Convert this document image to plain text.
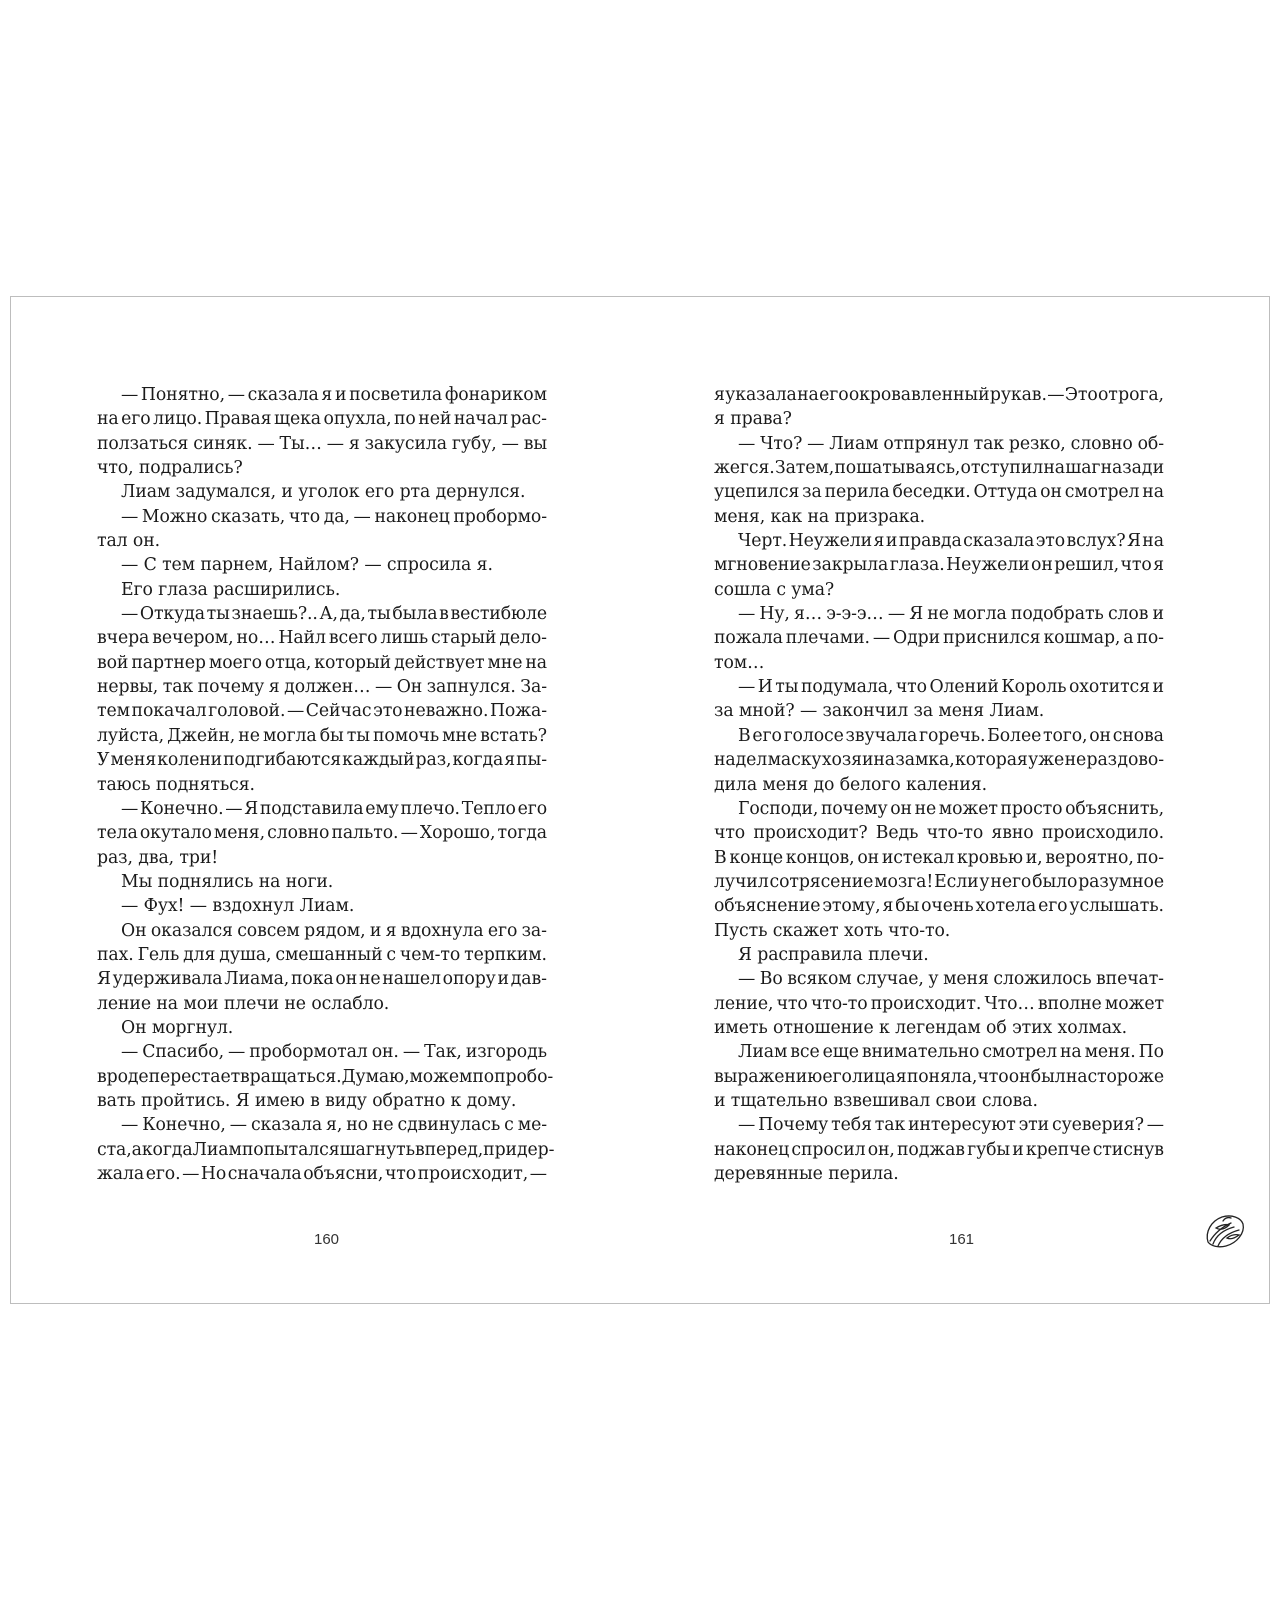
— Понятно, — сказала я и посветила фонариком
на его лицо. Правая щека опухла, по ней начал рас-
ползаться синяк. — Ты… — я закусила губу, — вы
что, подрались?
Лиам задумался, и уголок его рта дернулся.
— Можно сказать, что да, — наконец пробормо-
тал он.
— С тем парнем, Найлом? — спросила я.
Его глаза расширились.
— Откуда ты знаешь?.. А, да, ты была в вестибюле
вчера вечером, но… Найл всего лишь старый дело-
вой партнер моего отца, который действует мне на
нервы, так почему я должен… — Он запнулся. За-
тем покачал головой. — Сейчас это неважно. Пожа-
луйста, Джейн, не могла бы ты помочь мне встать?
У меня колени подгибаются каждый раз, когда я пы-
таюсь подняться.
— Конечно. — Я подставила ему плечо. Тепло его
тела окутало меня, словно пальто. — Хорошо, тогда
раз, два, три!
Мы поднялись на ноги.
— Фух! — вздохнул Лиам.
Он оказался совсем рядом, и я вдохнула его за-
пах. Гель для душа, смешанный с чем-то терпким.
Я удерживала Лиама, пока он не нашел опору и дав-
ление на мои плечи не ослабло.
Он моргнул.
— Спасибо, — пробормотал он. — Так, изгородь
вроде перестает вращаться. Думаю, можем попробо-
вать пройтись. Я имею в виду обратно к дому.
— Конечно, — сказала я, но не сдвинулась с ме-
ста, а когда Лиам попытался шагнуть вперед, придер-
жала его. — Но сначала объясни, что происходит, —
я указала на его окровавленный рукав. — Это от рога,
я права?
— Что? — Лиам отпрянул так резко, словно об-
жегся. Затем, пошатываясь, отступил на шаг назад и
уцепился за перила беседки. Оттуда он смотрел на
меня, как на призрака.
Черт. Неужели я и правда сказала это вслух? Я на
мгновение закрыла глаза. Неужели он решил, что я
сошла с ума?
— Ну, я… э-э-э… — Я не могла подобрать слов и
пожала плечами. — Одри приснился кошмар, а по-
том…
— И ты подумала, что Олений Король охотится и
за мной? — закончил за меня Лиам.
В его голосе звучала горечь. Более того, он снова
надел маску хозяина замка, которая уже не раз дово-
дила меня до белого каления.
Господи, почему он не может просто объяснить,
что происходит? Ведь что-то явно происходило.
В конце концов, он истекал кровью и, вероятно, по-
лучил сотрясение мозга! Если у него было разумное
объяснение этому, я бы очень хотела его услышать.
Пусть скажет хоть что-то.
Я расправила плечи.
— Во всяком случае, у меня сложилось впечат-
ление, что что-то происходит. Что… вполне может
иметь отношение к легендам об этих холмах.
Лиам все еще внимательно смотрел на меня. По
выражению его лица я поняла, что он был настороже
и тщательно взвешивал свои слова.
— Почему тебя так интересуют эти суеверия? —
наконец спросил он, поджав губы и крепче стиснув
деревянные перила.
160	161
